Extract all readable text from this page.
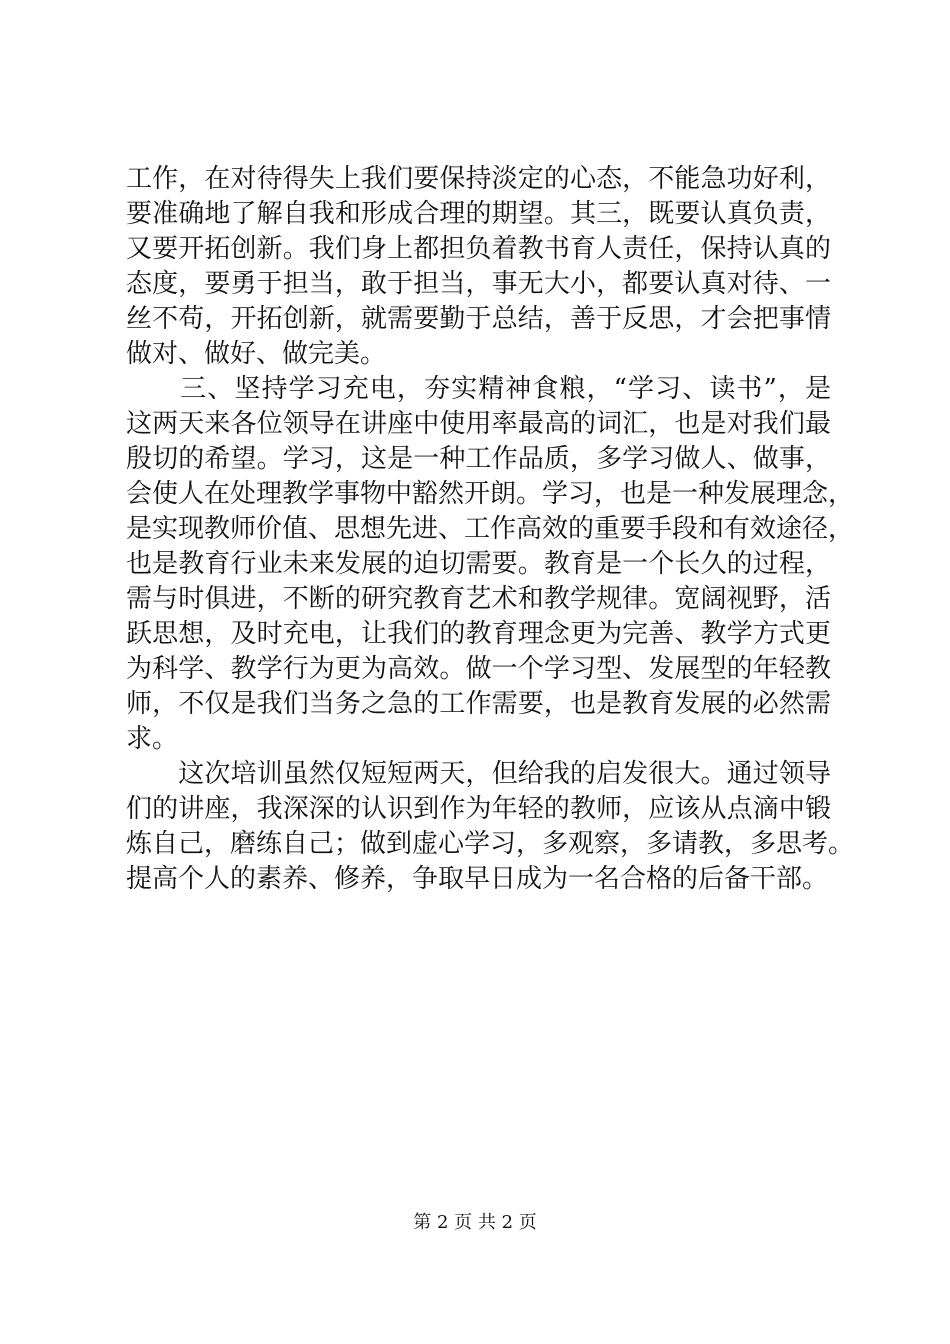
工作，在对待得失上我们要保持淡定的心态，不能急功好利，
要准确地了解自我和形成合理的期望。其三，既要认真负责，
又要开拓创新。我们身上都担负着教书育人责任，保持认真的
态度，要勇于担当，敢于担当，事无大小，都要认真对待、一
丝不苟，开拓创新，就需要勤于总结，善于反思，才会把事情
做对、做好、做完美。
　　三、坚持学习充电，夯实精神食粮，“学习、读书”，是
这两天来各位领导在讲座中使用率最高的词汇，也是对我们最
殷切的希望。学习，这是一种工作品质，多学习做人、做事，
会使人在处理教学事物中豁然开朗。学习，也是一种发展理念，
是实现教师价值、思想先进、工作高效的重要手段和有效途径，
也是教育行业未来发展的迫切需要。教育是一个长久的过程，
需与时俱进，不断的研究教育艺术和教学规律。宽阔视野，活
跃思想，及时充电，让我们的教育理念更为完善、教学方式更
为科学、教学行为更为高效。做一个学习型、发展型的年轻教
师，不仅是我们当务之急的工作需要，也是教育发展的必然需
求。
　　这次培训虽然仅短短两天，但给我的启发很大。通过领导
们的讲座，我深深的认识到作为年轻的教师，应该从点滴中锻
炼自己，磨练自己；做到虚心学习，多观察，多请教，多思考。
提高个人的素养、修养，争取早日成为一名合格的后备干部。
第 2 页 共 2 页
